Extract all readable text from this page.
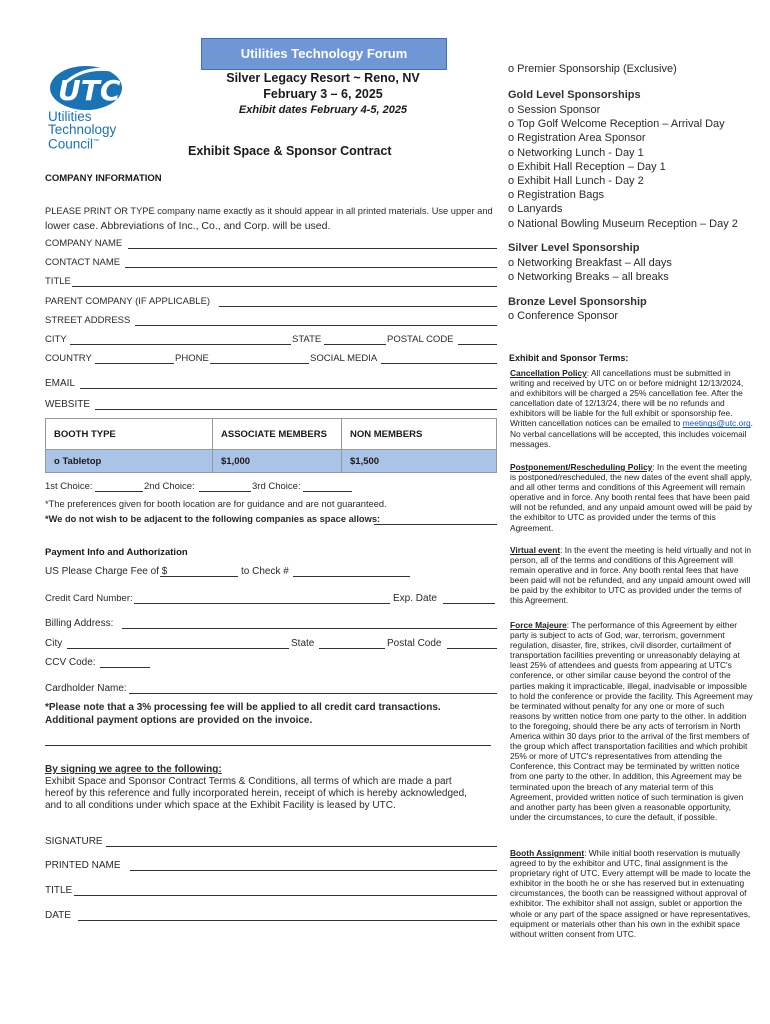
Utilities Technology Forum
Silver Legacy Resort ~ Reno, NV
February 3 – 6, 2025
Exhibit dates February 4-5, 2025
UTC
Utilities
Technology
Council™
Exhibit Space & Sponsor Contract
COMPANY INFORMATION
PLEASE PRINT OR TYPE company name exactly as it should appear in all printed materials. Use upper and
lower case. Abbreviations of Inc., Co., and Corp. will be used.
COMPANY NAME
CONTACT NAME
TITLE
PARENT COMPANY (IF APPLICABLE)
STREET ADDRESS
CITY	STATE	POSTAL CODE
COUNTRY	PHONE	SOCIAL MEDIA
EMAIL
WEBSITE
BOOTH TYPE	ASSOCIATE MEMBERS	NON MEMBERS
o Tabletop	$1,000	$1,500
1st Choice:	2nd Choice:	3rd Choice:
*The preferences given for booth location are for guidance and are not guaranteed.
*We do not wish to be adjacent to the following companies as space allows:
Payment Info and Authorization
US Please Charge Fee of $	to Check #
Credit Card Number:	Exp. Date
Billing Address:
City	State	Postal Code
CCV Code:
Cardholder Name:
*Please note that a 3% processing fee will be applied to all credit card transactions.
Additional payment options are provided on the invoice.
By signing we agree to the following:
Exhibit Space and Sponsor Contract Terms & Conditions, all terms of which are made a part
hereof by this reference and fully incorporated herein, receipt of which is hereby acknowledged,
and to all conditions under which space at the Exhibit Facility is leased by UTC.
SIGNATURE
PRINTED NAME
TITLE
DATE
o Premier Sponsorship (Exclusive)
Gold Level Sponsorships
o Session Sponsor
o Top Golf Welcome Reception – Arrival Day
o Registration Area Sponsor
o Networking Lunch - Day 1
o Exhibit Hall Reception – Day 1
o Exhibit Hall Lunch - Day 2
o Registration Bags
o Lanyards
o National Bowling Museum Reception – Day 2
Silver Level Sponsorship
o Networking Breakfast – All days
o Networking Breaks – all breaks
Bronze Level Sponsorship
o Conference Sponsor
Exhibit and Sponsor Terms:
Cancellation Policy: All cancellations must be submitted in writing and received by UTC on or before midnight 12/13/2024, and exhibitors will be charged a 25% cancellation fee. After the cancellation date of 12/13/24, there will be no refunds and exhibitors will be liable for the full exhibit or sponsorship fee. Written cancellation notices can be emailed to meetings@utc.org. No verbal cancellations will be accepted, this includes voicemail messages.
Postponement/Rescheduling Policy: In the event the meeting is postponed/rescheduled, the new dates of the event shall apply, and all other terms and conditions of this Agreement will remain operative and in force. Any booth rental fees that have been paid will not be refunded, and any unpaid amount owed will be paid by the exhibitor to UTC as provided under the terms of this Agreement.
Virtual event: In the event the meeting is held virtually and not in person, all of the terms and conditions of this Agreement will remain operative and in force. Any booth rental fees that have been paid will not be refunded, and any unpaid amount owed will be paid by the exhibitor to UTC as provided under the terms of this Agreement.
Force Majeure: The performance of this Agreement by either party is subject to acts of God, war, terrorism, government regulation, disaster, fire, strikes, civil disorder, curtailment of transportation facilities preventing or unreasonably delaying at least 25% of attendees and guests from appearing at UTC's conference, or other similar cause beyond the control of the parties making it impracticable, illegal, inadvisable or impossible to hold the conference or provide the facility. This Agreement may be terminated without penalty for any one or more of such reasons by written notice from one party to the other. In addition to the foregoing, should there be any acts of terrorism in North America within 30 days prior to the arrival of the first members of the group which affect transportation facilities and which prohibit 25% or more of UTC's representatives from attending the Conference, this Contract may be terminated by written notice from one party to the other. In addition, this Agreement may be terminated upon the breach of any material term of this Agreement, provided written notice of such termination is given and another party has been given a reasonable opportunity, under the circumstances, to cure the default, if possible.
Booth Assignment: While initial booth reservation is mutually agreed to by the exhibitor and UTC, final assignment is the proprietary right of UTC. Every attempt will be made to locate the exhibitor in the booth he or she has reserved but in extenuating circumstances, the booth can be reassigned without approval of exhibitor. The exhibitor shall not assign, sublet or apportion the whole or any part of the space assigned or have representatives, equipment or materials other than his own in the exhibit space without written consent from UTC.
